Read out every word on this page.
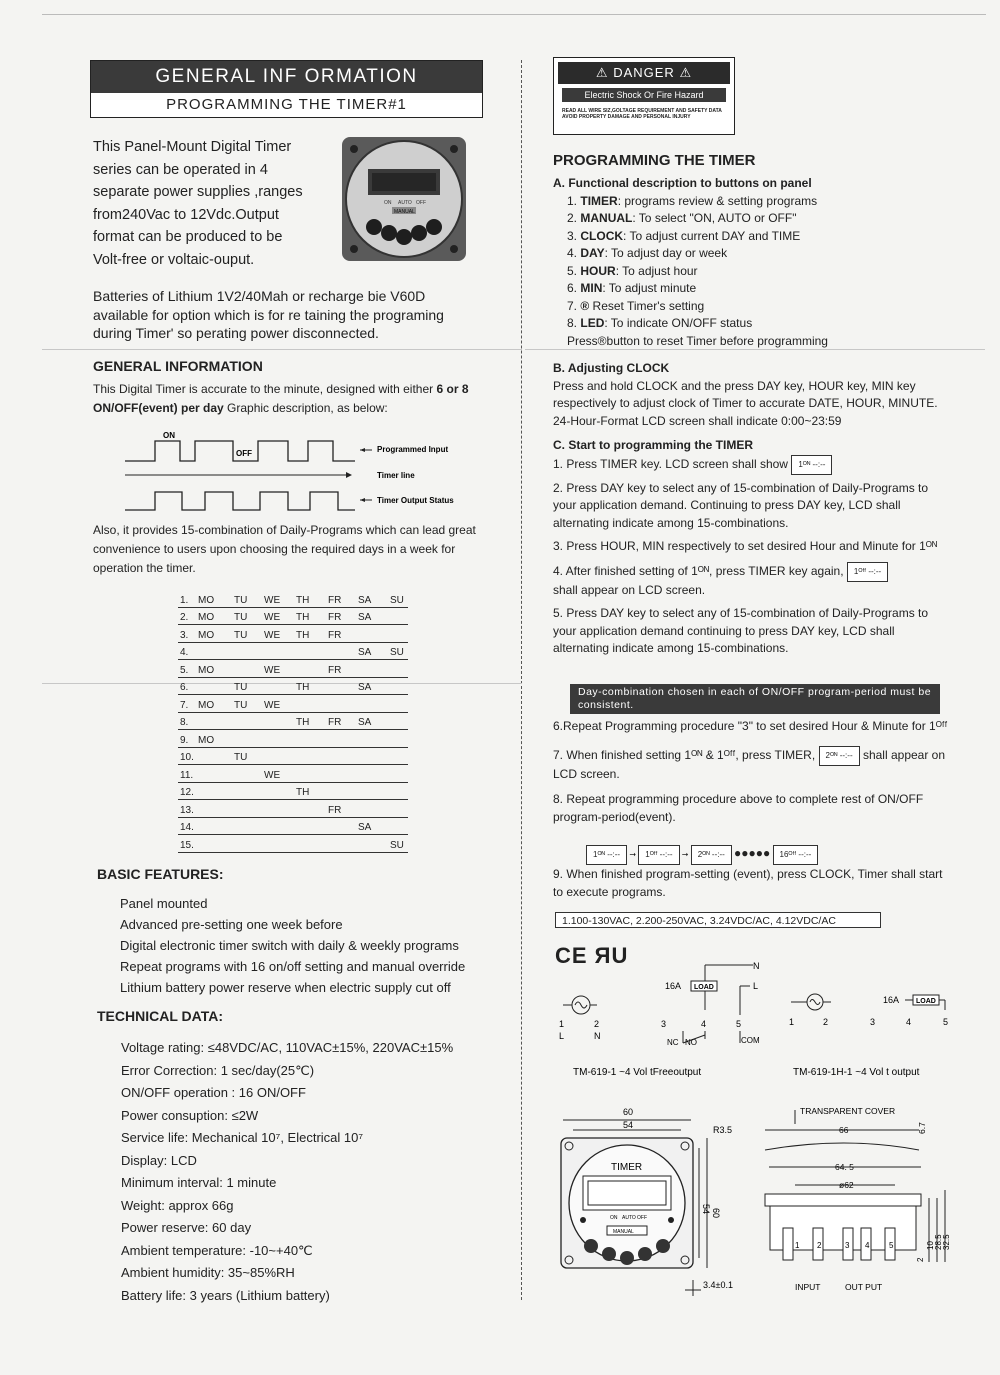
GENERAL INF ORMATION
PROGRAMMING THE TIMER#1
This Panel-Mount Digital Timer
series can be operated in 4
separate power supplies ,ranges
from240Vac to 12Vdc.Output
format can be produced to be
Volt-free or voltaic-ouput.
ON AUTO OFF
MANUAL
Batteries of Lithium 1V2/40Mah or recharge bie V60D
available for option which is for re taining the programing
during Timer' so perating power disconnected.
GENERAL INFORMATION
This Digital Timer is accurate to the minute, designed with either 6 or 8 ON/OFF(event) per day Graphic description, as below:
ON
OFF	Programmed Input
Timer line
Timer Output Status
Also, it provides 15-combination of Daily-Programs which can lead great convenience to users upon choosing the required days in a week for operation the timer.
1. MO TU WE TH FR SA SU
2. MO TU WE TH FR SA
3. MO TU WE TH FR
4.	SA SU
5. MO	WE	FR
6.	TU	TH	SA
7. MO TU WE
8.	TH FR SA
9. MO
10.	TU
11.	WE
12.	TH
13.	FR
14.	SA
15.	SU
BASIC FEATURES:
Panel mounted
Advanced pre-setting one week before
Digital electronic timer switch with daily & weekly programs
Repeat programs with 16 on/off setting and manual override
Lithium battery power reserve when electric supply cut off
TECHNICAL DATA:
Voltage rating: ≤48VDC/AC, 110VAC±15%, 220VAC±15%
Error Correction: 1 sec/day(25℃)
ON/OFF operation : 16 ON/OFF
Power consuption: ≤2W
Service life: Mechanical 10⁷, Electrical 10⁷
Display: LCD
Minimum interval: 1 minute
Weight: approx 66g
Power reserve: 60 day
Ambient temperature: -10~+40℃
Ambient humidity: 35~85%RH
Battery life: 3 years (Lithium battery)
⚠ DANGER ⚠
Electric Shock Or Fire Hazard
READ ALL WIRE SIZ,GOLTAGE REQUIREMENT AND SAFETY DATA AVOID PROPERTY DAMAGE AND PERSONAL INJURY
PROGRAMMING THE TIMER
A. Functional description to buttons on panel
1. TIMER: programs review & setting programs
2. MANUAL: To select "ON, AUTO or OFF"
3. CLOCK: To adjust current DAY and TIME
4. DAY: To adjust day or week
5. HOUR: To adjust hour
6. MIN: To adjust minute
7. ® Reset Timer's setting
8. LED: To indicate ON/OFF status
Press®button to reset Timer before programming
B. Adjusting CLOCK
Press and hold CLOCK and the press DAY key, HOUR key, MIN key respectively to adjust clock of Timer to accurate DATE, HOUR, MINUTE. 24-Hour-Format LCD screen shall indicate 0:00~23:59
C. Start to programming the TIMER
1. Press TIMER key. LCD screen shall show 1ᴼᴺ --:--
2. Press DAY key to select any of 15-combination of Daily-Programs to your application demand. Continuing to press DAY key, LCD shall alternating indicate among 15-combinations.
3. Press HOUR, MIN respectively to set desired Hour and Minute for 1ᴼᴺ
4. After finished setting of 1ᴼᴺ, press TIMER key again, 1ᴼᶠᶠ --:--
shall appear on LCD screen.
5. Press DAY key to select any of 15-combination of Daily-Programs to your application demand continuing to press DAY key, LCD shall alternating indicate among 15-combinations.
Day-combination chosen in each of ON/OFF program-period must be consistent.
6.Repeat Programming procedure "3" to set desired Hour & Minute for 1ᴼᶠᶠ
7. When finished setting 1ᴼᴺ & 1ᴼᶠᶠ, press TIMER, 2ᴼᴺ --:-- shall appear on LCD screen.
8. Repeat programming procedure above to complete rest of ON/OFF program-period(event).
1ᴼᴺ --:-- ➞ 1ᴼᶠᶠ --:-- ➞ 2ᴼᴺ --:-- ●●●●● 16ᴼᶠᶠ --:--
9. When finished program-setting (event), press CLOCK, Timer shall start to execute programs.
1.100-130VAC, 2.200-250VAC, 3.24VDC/AC, 4.12VDC/AC
CE ЯU
16A LOAD
N
L
1	2	3	4	5
L	N
NC NO	COM
TM-619-1 ~4 Vol tFreeoutput
16A LOAD
1	2	3	4	5
TM-619-1H-1 ~4 Vol t output
60
54	R3.5
TIMER
ON AUTO OFF
MANUAL
60
54
3.4±0.1
TRANSPARENT COVER
66
64. 5
ø62
6.7
1 2	3 4 5
2
10 28.5 32.5
INPUT	OUT PUT
